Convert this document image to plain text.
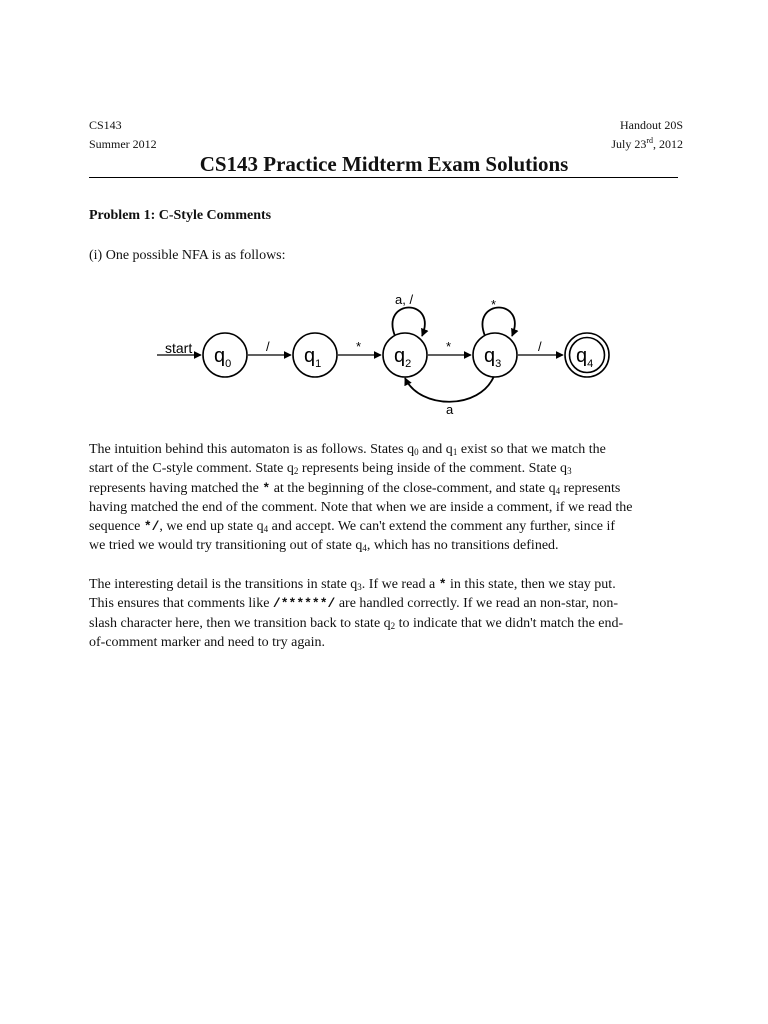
CS143	Handout 20S
Summer 2012	July 23rd, 2012
CS143 Practice Midterm Exam Solutions
Problem 1: C-Style Comments
(i) One possible NFA is as follows:
start	/	*	*	/
a, /	*
a
$q_0$	$q_1$	$q_2$	$q_3$	$q_4$
The intuition behind this automaton is as follows. States $q_0$ and $q_1$ exist so that we match the
start of the C-style comment. State $q_2$ represents being inside of the comment. State $q_3$
represents having matched the * at the beginning of the close-comment, and state $q_4$ represents
having matched the end of the comment. Note that when we are inside a comment, if we read the
sequence */, we end up state $q_4$ and accept. We can't extend the comment any further, since if
we tried we would try transitioning out of state $q_4$, which has no transitions defined.
The interesting detail is the transitions in state $q_3$. If we read a * in this state, then we stay put.
This ensures that comments like /******/ are handled correctly. If we read an non-star, non-
slash character here, then we transition back to state $q_2$ to indicate that we didn't match the end-
of-comment marker and need to try again.
